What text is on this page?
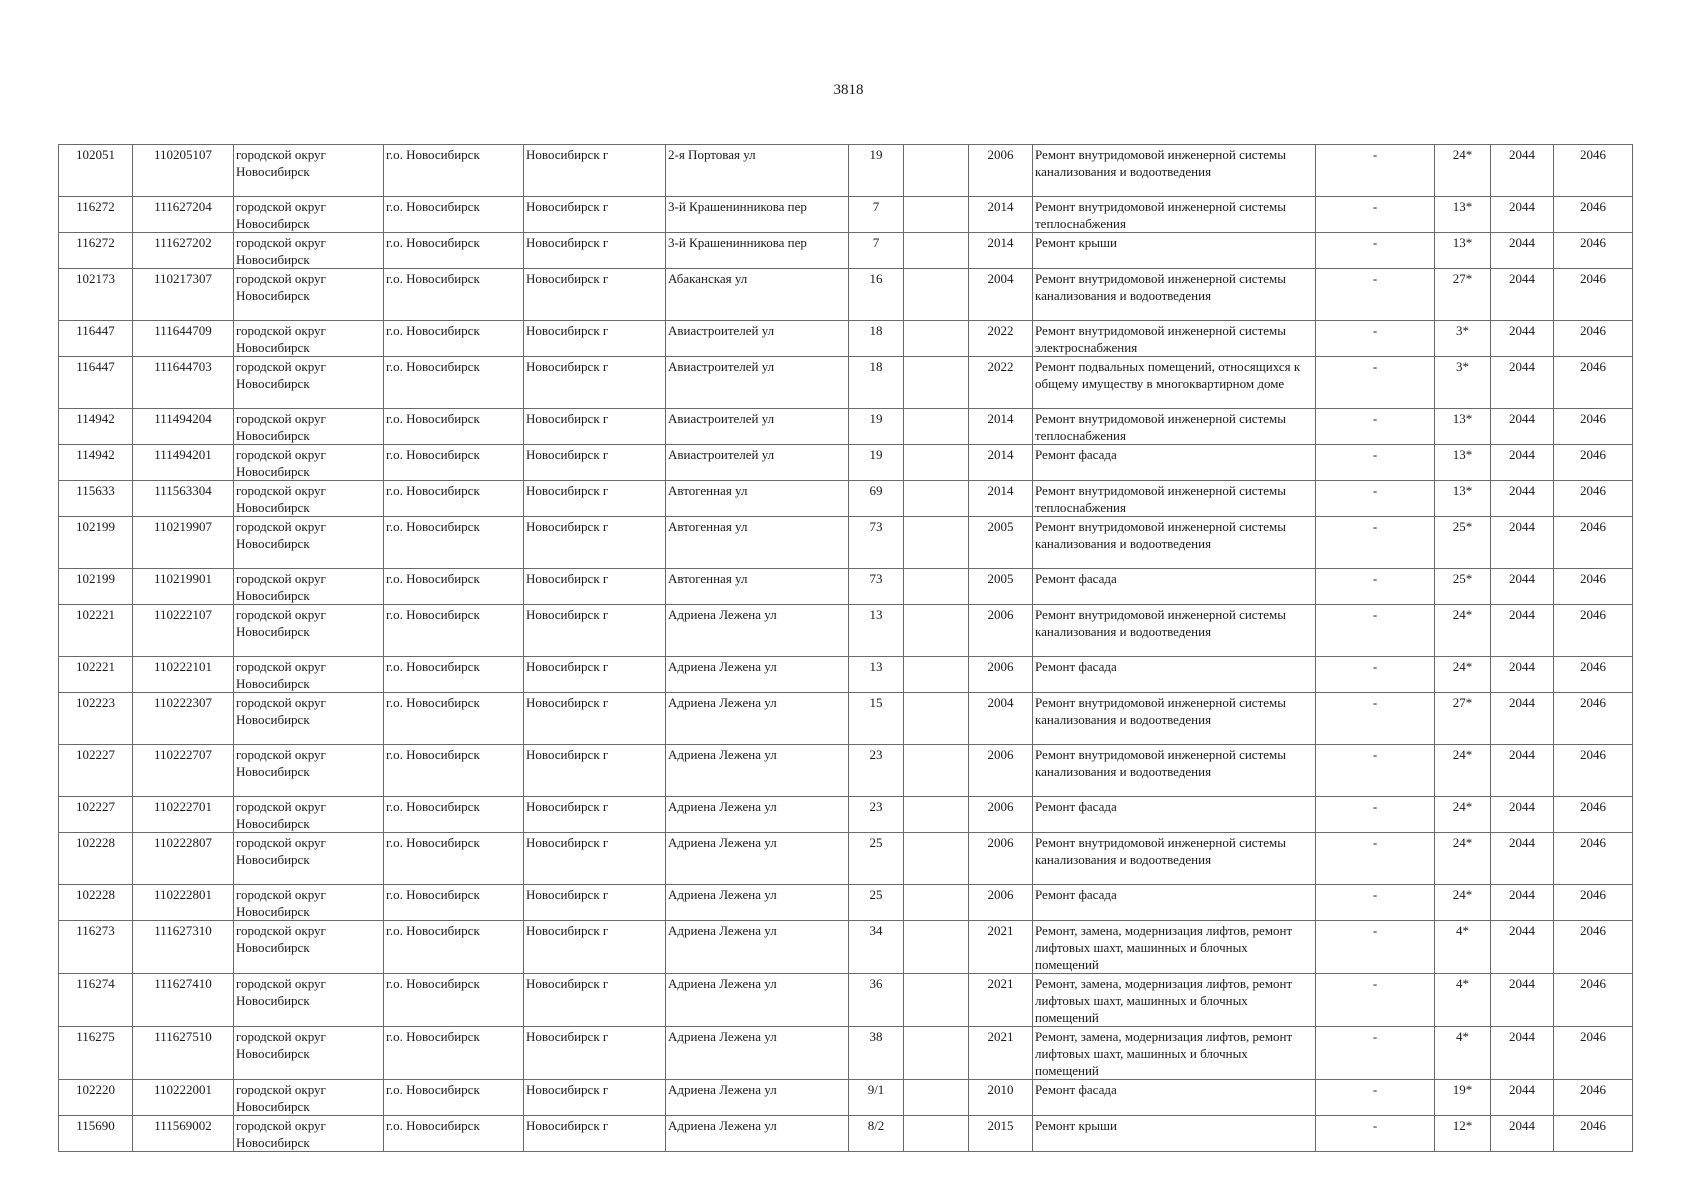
3818
102051	110205107	городской округ Новосибирск	г.о. Новосибирск	Новосибирск г	2-я Портовая ул	19		2006	Ремонт внутридомовой инженерной системы канализования и водоотведения	-	24*	2044	2046
116272	111627204	городской округ Новосибирск	г.о. Новосибирск	Новосибирск г	3-й Крашенинникова пер	7		2014	Ремонт внутридомовой инженерной системы теплоснабжения	-	13*	2044	2046
116272	111627202	городской округ Новосибирск	г.о. Новосибирск	Новосибирск г	3-й Крашенинникова пер	7		2014	Ремонт крыши	-	13*	2044	2046
102173	110217307	городской округ Новосибирск	г.о. Новосибирск	Новосибирск г	Абаканская ул	16		2004	Ремонт внутридомовой инженерной системы канализования и водоотведения	-	27*	2044	2046
116447	111644709	городской округ Новосибирск	г.о. Новосибирск	Новосибирск г	Авиастроителей ул	18		2022	Ремонт внутридомовой инженерной системы электроснабжения	-	3*	2044	2046
116447	111644703	городской округ Новосибирск	г.о. Новосибирск	Новосибирск г	Авиастроителей ул	18		2022	Ремонт подвальных помещений, относящихся к общему имуществу в многоквартирном доме	-	3*	2044	2046
114942	111494204	городской округ Новосибирск	г.о. Новосибирск	Новосибирск г	Авиастроителей ул	19		2014	Ремонт внутридомовой инженерной системы теплоснабжения	-	13*	2044	2046
114942	111494201	городской округ Новосибирск	г.о. Новосибирск	Новосибирск г	Авиастроителей ул	19		2014	Ремонт фасада	-	13*	2044	2046
115633	111563304	городской округ Новосибирск	г.о. Новосибирск	Новосибирск г	Автогенная ул	69		2014	Ремонт внутридомовой инженерной системы теплоснабжения	-	13*	2044	2046
102199	110219907	городской округ Новосибирск	г.о. Новосибирск	Новосибирск г	Автогенная ул	73		2005	Ремонт внутридомовой инженерной системы канализования и водоотведения	-	25*	2044	2046
102199	110219901	городской округ Новосибирск	г.о. Новосибирск	Новосибирск г	Автогенная ул	73		2005	Ремонт фасада	-	25*	2044	2046
102221	110222107	городской округ Новосибирск	г.о. Новосибирск	Новосибирск г	Адриена Лежена ул	13		2006	Ремонт внутридомовой инженерной системы канализования и водоотведения	-	24*	2044	2046
102221	110222101	городской округ Новосибирск	г.о. Новосибирск	Новосибирск г	Адриена Лежена ул	13		2006	Ремонт фасада	-	24*	2044	2046
102223	110222307	городской округ Новосибирск	г.о. Новосибирск	Новосибирск г	Адриена Лежена ул	15		2004	Ремонт внутридомовой инженерной системы канализования и водоотведения	-	27*	2044	2046
102227	110222707	городской округ Новосибирск	г.о. Новосибирск	Новосибирск г	Адриена Лежена ул	23		2006	Ремонт внутридомовой инженерной системы канализования и водоотведения	-	24*	2044	2046
102227	110222701	городской округ Новосибирск	г.о. Новосибирск	Новосибирск г	Адриена Лежена ул	23		2006	Ремонт фасада	-	24*	2044	2046
102228	110222807	городской округ Новосибирск	г.о. Новосибирск	Новосибирск г	Адриена Лежена ул	25		2006	Ремонт внутридомовой инженерной системы канализования и водоотведения	-	24*	2044	2046
102228	110222801	городской округ Новосибирск	г.о. Новосибирск	Новосибирск г	Адриена Лежена ул	25		2006	Ремонт фасада	-	24*	2044	2046
116273	111627310	городской округ Новосибирск	г.о. Новосибирск	Новосибирск г	Адриена Лежена ул	34		2021	Ремонт, замена, модернизация лифтов, ремонт лифтовых шахт, машинных и блочных помещений	-	4*	2044	2046
116274	111627410	городской округ Новосибирск	г.о. Новосибирск	Новосибирск г	Адриена Лежена ул	36		2021	Ремонт, замена, модернизация лифтов, ремонт лифтовых шахт, машинных и блочных помещений	-	4*	2044	2046
116275	111627510	городской округ Новосибирск	г.о. Новосибирск	Новосибирск г	Адриена Лежена ул	38		2021	Ремонт, замена, модернизация лифтов, ремонт лифтовых шахт, машинных и блочных помещений	-	4*	2044	2046
102220	110222001	городской округ Новосибирск	г.о. Новосибирск	Новосибирск г	Адриена Лежена ул	9/1		2010	Ремонт фасада	-	19*	2044	2046
115690	111569002	городской округ Новосибирск	г.о. Новосибирск	Новосибирск г	Адриена Лежена ул	8/2		2015	Ремонт крыши	-	12*	2044	2046
